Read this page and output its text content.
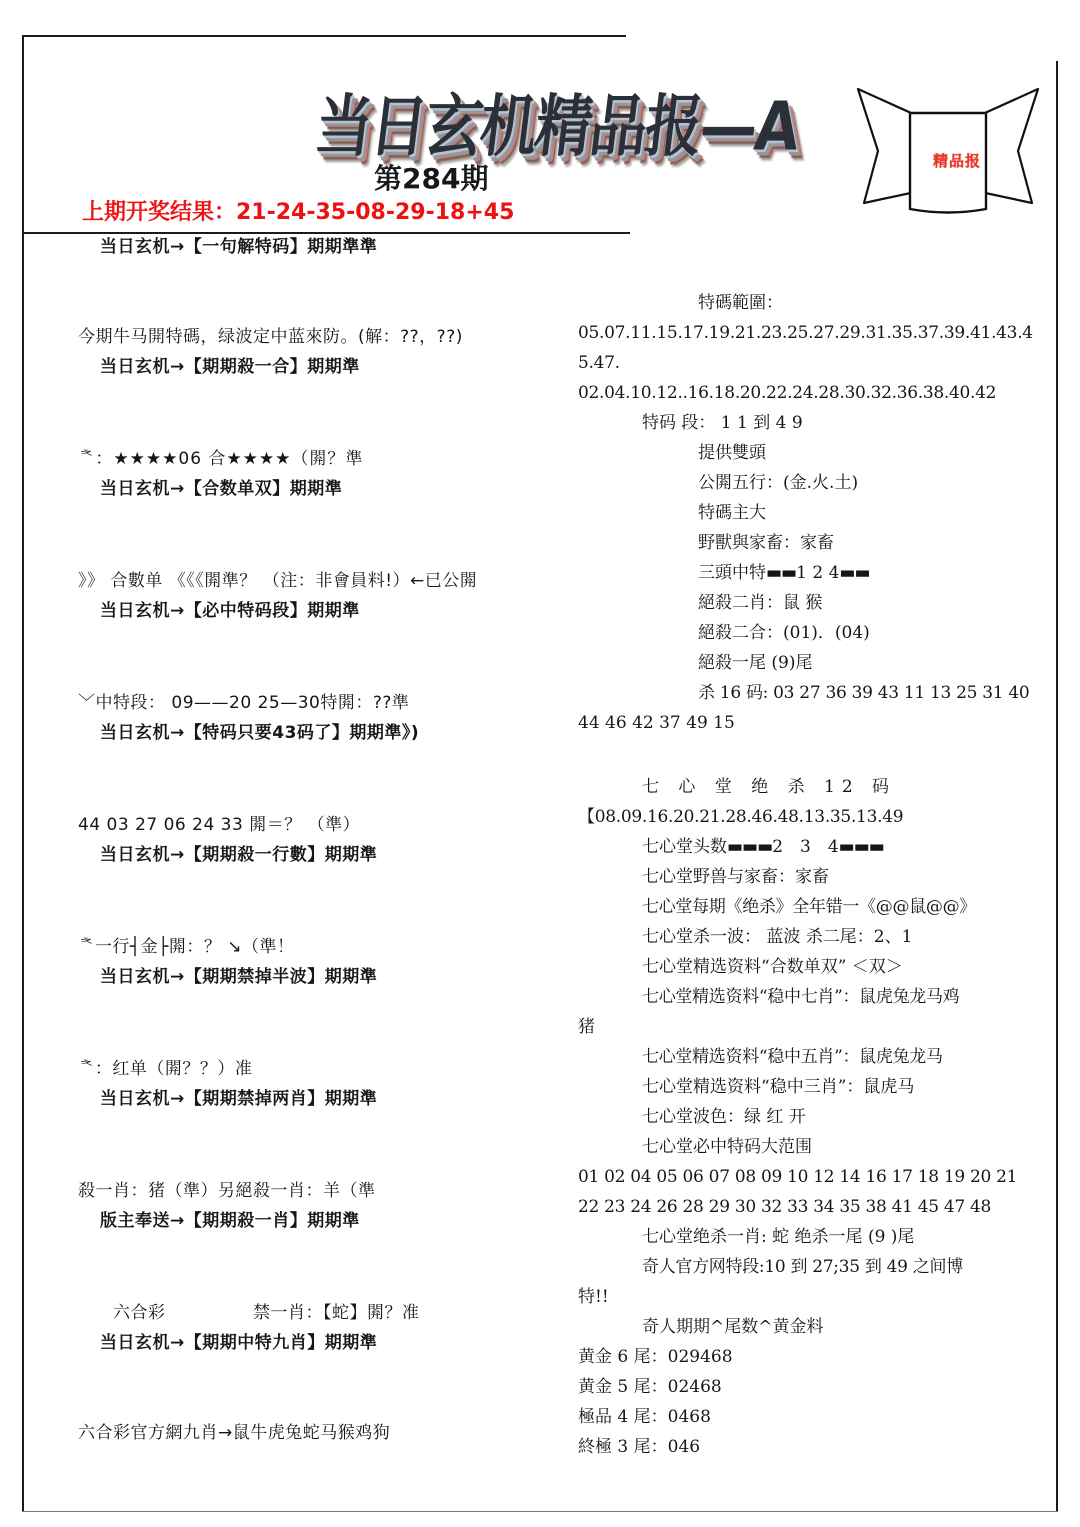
当日玄机精品报—A
第284期
上期开奖结果：21-24-35-08-29-18+45
精品报
当日玄机→【一句解特码】期期準準
今期牛马開特碼，绿波定中蓝來防。(解：??，??)
当日玄机→【期期殺一合】期期準
ᅕ：★★★★06 合★★★★（閞？準
当日玄机→【合数单双】期期準
》》 合數单 《《《閞準？ （注：非會員料!）←已公閞
当日玄机→【必中特码段】期期準
﹀中特段： 09——20 25—30特閞：??準
当日玄机→【特码只要43码了】期期準》)
44 03 27 06 24 33 閞＝？ （準）
当日玄机→【期期殺一行數】期期準
ᅕ一行┤金├閞：？ ↘（準！
当日玄机→【期期禁掉半波】期期準
ᅕ：红单（閞？？）准
当日玄机→【期期禁掉两肖】期期準
殺一肖：猪（準）另絕殺一肖：羊（準
版主奉送→【期期殺一肖】期期準
　　六合彩　　　　　禁一肖：【蛇】閞？准
当日玄机→【期期中特九肖】期期準
六合彩官方網九肖→鼠牛虎兔蛇马猴鸡狗
特碼範圍：
05.07.11.15.17.19.21.23.25.27.29.31.35.37.39.41.43.4
5.47.ᅟ
02.04.10.12..16.18.20.22.24.28.30.32.36.38.40.42
特码 段： 1 1 到 4 9
提供雙頭
公閞五行：(金.火.土)
特碼主大
野獸與家畜：家畜
三頭中特▬▬1 2 4▬▬
絕殺二肖：鼠 猴
絕殺二合：(01)．(04)
絕殺一尾 (9)尾
杀 16 码: 03 27 36 39 43 11 13 25 31 40
44 46 42 37 49 15
七 心 堂 绝 杀 12 码
【08.09.16.20.21.28.46.48.13.35.13.49
七心堂头数▬▬▬2　3　4▬▬▬
七心堂野兽与家畜：家畜
七心堂每期《绝杀》全年错一《@@鼠@@》
七心堂杀一波： 蓝波 杀二尾：2、1
七心堂精选资料“合数单双” ＜双＞
七心堂精选资料“稳中七肖”：鼠虎兔龙马鸡
猪
七心堂精选资料“稳中五肖”：鼠虎兔龙马
七心堂精选资料“稳中三肖”：鼠虎马
七心堂波色：绿 红 开
七心堂必中特码大范围
01 02 04 05 06 07 08 09 10 12 14 16 17 18 19 20 21
22 23 24 26 28 29 30 32 33 34 35 38 41 45 47 48
七心堂绝杀一肖: 蛇 绝杀一尾 (9 )尾
奇人官方网特段:10 到 27;35 到 49 之间博
特!!
奇人期期^尾数^黄金料
黄金 6 尾：029468
黄金 5 尾：02468
極品 4 尾：0468
終極 3 尾：046
